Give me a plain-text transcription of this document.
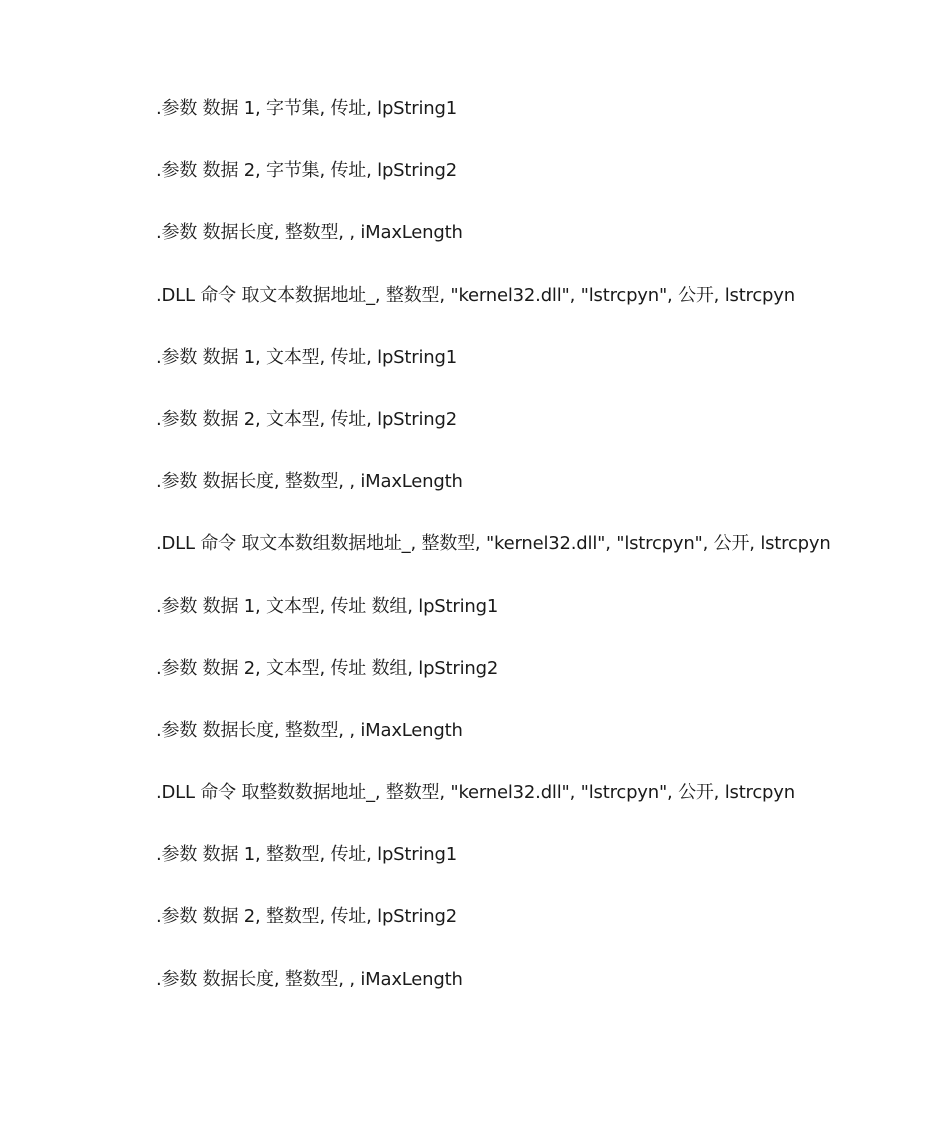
.参数 数据 1, 字节集, 传址, lpString1
.参数 数据 2, 字节集, 传址, lpString2
.参数 数据长度, 整数型, , iMaxLength
.DLL 命令 取文本数据地址_, 整数型, "kernel32.dll", "lstrcpyn", 公开, lstrcpyn
.参数 数据 1, 文本型, 传址, lpString1
.参数 数据 2, 文本型, 传址, lpString2
.参数 数据长度, 整数型, , iMaxLength
.DLL 命令 取文本数组数据地址_, 整数型, "kernel32.dll", "lstrcpyn", 公开, lstrcpyn
.参数 数据 1, 文本型, 传址 数组, lpString1
.参数 数据 2, 文本型, 传址 数组, lpString2
.参数 数据长度, 整数型, , iMaxLength
.DLL 命令 取整数数据地址_, 整数型, "kernel32.dll", "lstrcpyn", 公开, lstrcpyn
.参数 数据 1, 整数型, 传址, lpString1
.参数 数据 2, 整数型, 传址, lpString2
.参数 数据长度, 整数型, , iMaxLength
